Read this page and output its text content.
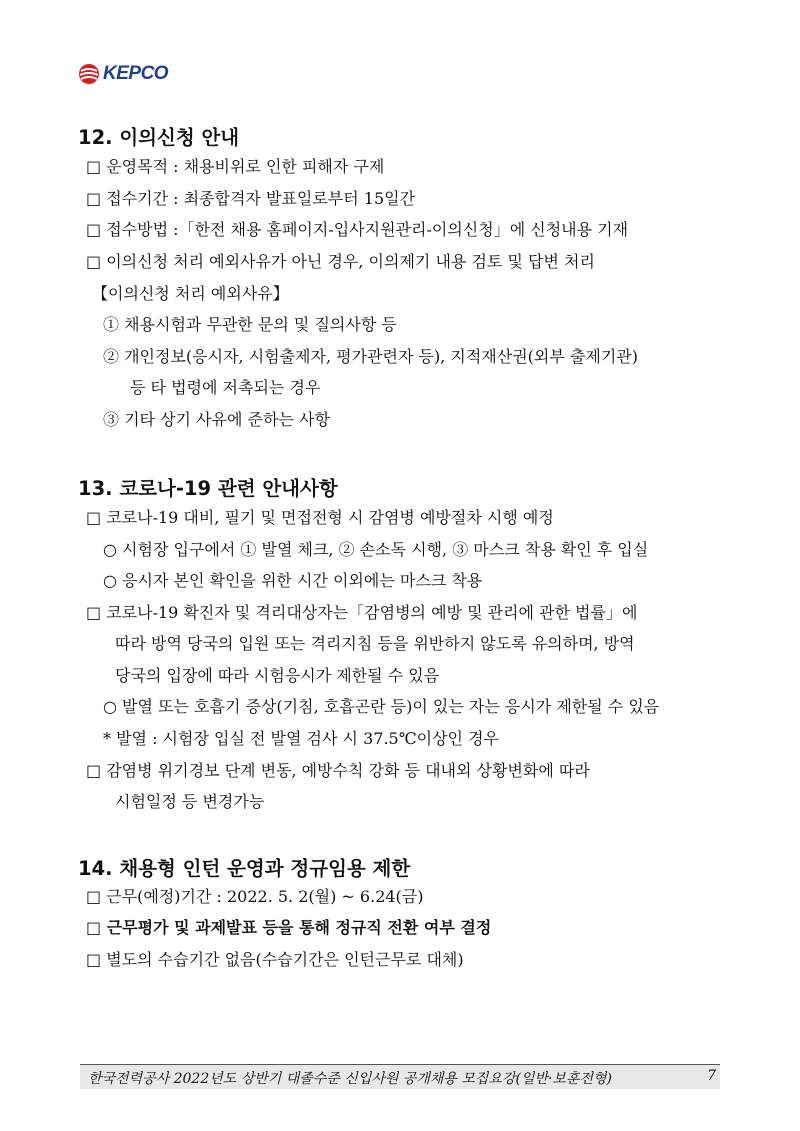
KEPCO
12. 이의신청 안내
□ 운영목적 : 채용비위로 인한 피해자 구제
□ 접수기간 : 최종합격자 발표일로부터 15일간
□ 접수방법 :「한전 채용 홈페이지-입사지원관리-이의신청」에 신청내용 기재
□ 이의신청 처리 예외사유가 아닌 경우, 이의제기 내용 검토 및 답변 처리
【이의신청 처리 예외사유】
① 채용시험과 무관한 문의 및 질의사항 등
② 개인정보(응시자, 시험출제자, 평가관련자 등), 지적재산권(외부 출제기관)
등 타 법령에 저촉되는 경우
③ 기타 상기 사유에 준하는 사항
13. 코로나-19 관련 안내사항
□ 코로나-19 대비, 필기 및 면접전형 시 감염병 예방절차 시행 예정
○ 시험장 입구에서 ① 발열 체크, ② 손소독 시행, ③ 마스크 착용 확인 후 입실
○ 응시자 본인 확인을 위한 시간 이외에는 마스크 착용
□ 코로나-19 확진자 및 격리대상자는「감염병의 예방 및 관리에 관한 법률」에
따라 방역 당국의 입원 또는 격리지침 등을 위반하지 않도록 유의하며, 방역
당국의 입장에 따라 시험응시가 제한될 수 있음
○ 발열 또는 호흡기 증상(기침, 호흡곤란 등)이 있는 자는 응시가 제한될 수 있음
* 발열 : 시험장 입실 전 발열 검사 시 37.5℃이상인 경우
□ 감염병 위기경보 단계 변동, 예방수칙 강화 등 대내외 상황변화에 따라
시험일정 등 변경가능
14. 채용형 인턴 운영과 정규임용 제한
□ 근무(예정)기간 : 2022. 5. 2(월) ~ 6.24(금)
□ 근무평가 및 과제발표 등을 통해 정규직 전환 여부 결정
□ 별도의 수습기간 없음(수습기간은 인턴근무로 대체)
한국전력공사 2022년도 상반기 대졸수준 신입사원 공개채용 모집요강(일반·보훈전형)	7
